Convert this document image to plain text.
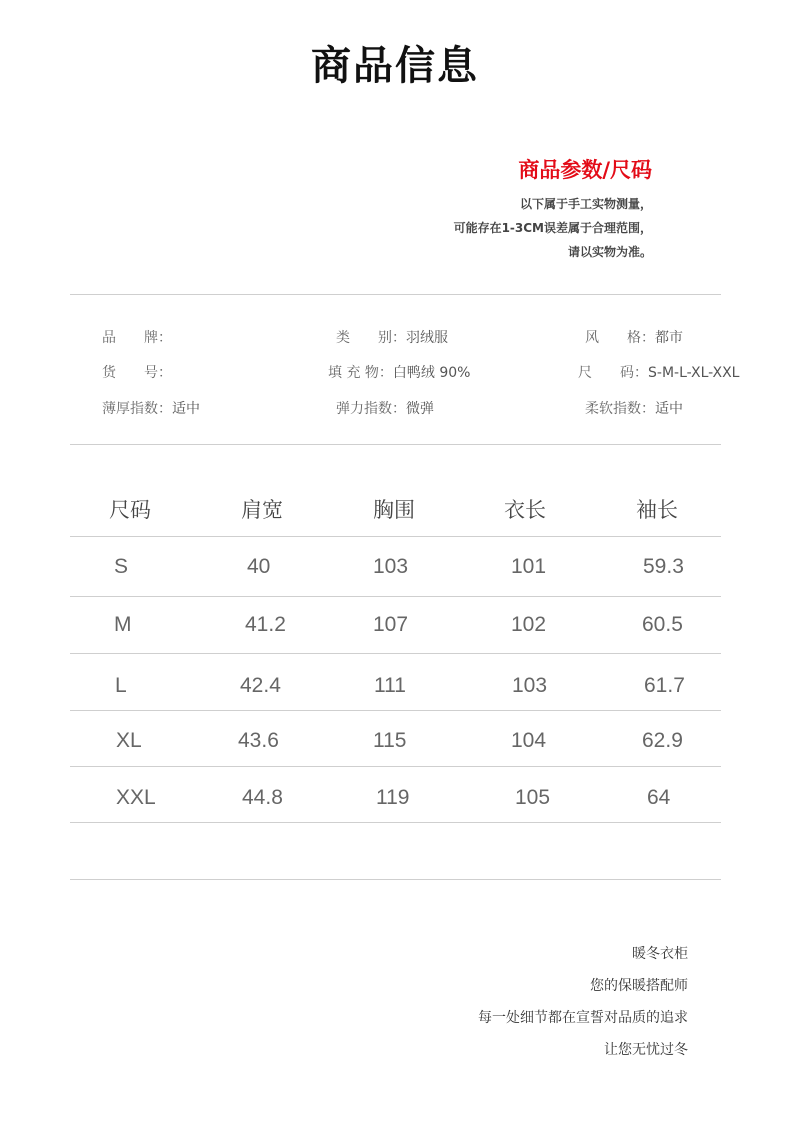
商品信息
商品参数/尺码
以下属于手工实物测量，
可能存在1-3CM误差属于合理范围，
请以实物为准。
品　　牌：	类　　别：羽绒服	风　　格：都市
货　　号：	填 充 物：白鸭绒 90%	尺　　码：S-M-L-XL-XXL
薄厚指数：适中	弹力指数：微弹	柔软指数：适中
尺码	肩宽	胸围	衣长	袖长
S	40	103	101	59.3
M	41.2	107	102	60.5
L	42.4	111	103	61.7
XL	43.6	115	104	62.9
XXL	44.8	119	105	64
暖冬衣柜
您的保暖搭配师
每一处细节都在宣誓对品质的追求
让您无忧过冬
